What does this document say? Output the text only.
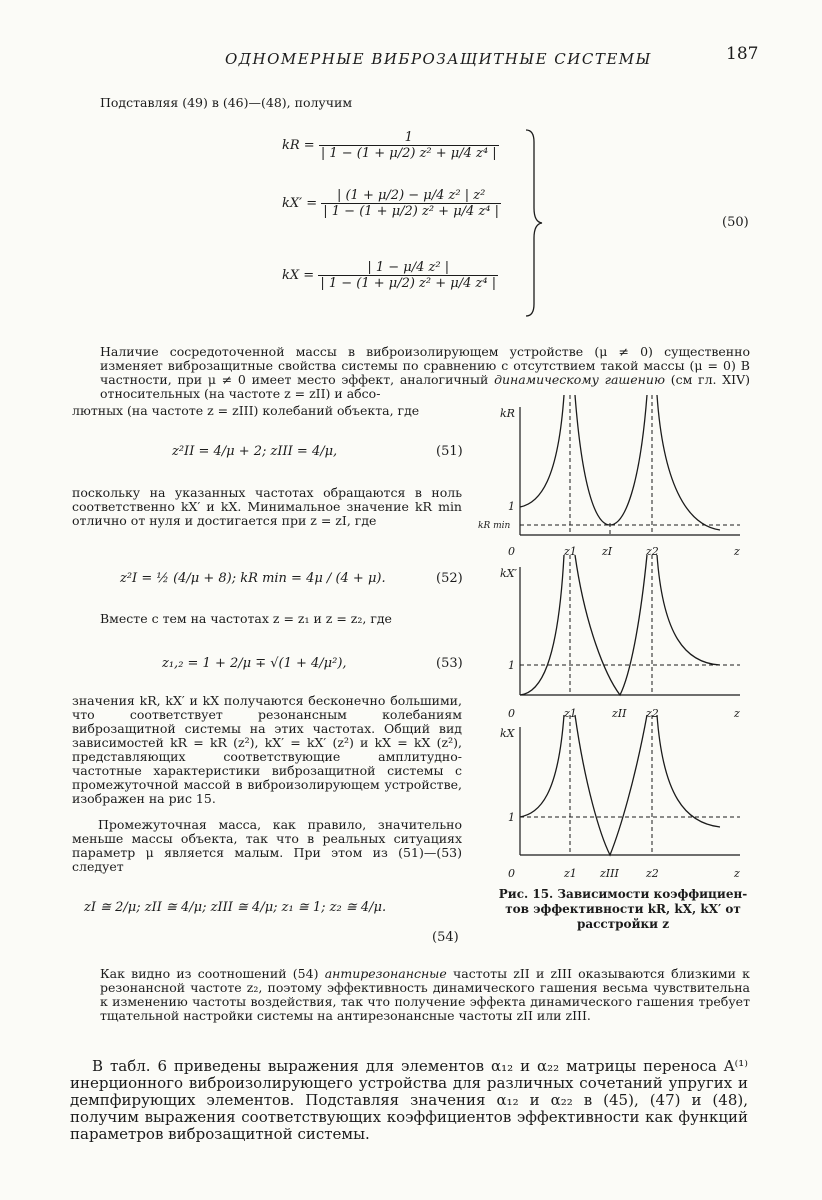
ОДНОМЕРНЫЕ ВИБРОЗАЩИТНЫЕ СИСТЕМЫ	187
Подставляя (49) в (46)—(48), получим
kR = $\frac{1}{\text{| 1 − (1 + μ/2) z² + μ/4 z⁴ |}}$
$kX' = \frac{\text{| (1 + μ/2) − μ/4 z² | z²}}{\text{| 1 − (1 + μ/2) z² + μ/4 z⁴ |}}$
kX = $\frac{\text{| 1 − μ/4 z² |}}{\text{| 1 − (1 + μ/2) z² + μ/4 z⁴ |}}$
(50)
Наличие сосредоточенной массы в виброизолирующем устройстве (μ ≠ 0) существенно изменяет виброзащитные свойства системы по сравнению с отсутствием такой массы (μ = 0) В частности, при μ ≠ 0 имеет место эффект, аналогичный динамическому гашению (см гл. XIV) относительных (на частоте z = zII) и абсо-
лютных (на частоте z = zIII) колебаний объекта, где
z²II = 4/μ + 2; zIII = 4/μ,	(51)
поскольку на указанных частотах обращаются в ноль соответственно kX′ и kX. Минимальное значение kR min отлично от нуля и достигается при z = zI, где
z²I = ½ (4/μ + 8); kR min = 4μ / (4 + μ).	(52)
Вместе с тем на частотах z = z₁ и z = z₂, где
z₁,₂ = 1 + 2/μ ∓ √(1 + 4/μ²),	(53)
значения kR, kX′ и kX получаются бесконечно большими, что соответствует резонансным колебаниям виброзащитной системы на этих частотах. Общий вид зависимостей kR = kR (z²), kX′ = kX′ (z²) и kX = kX (z²), представляющих соответствующие амплитудно-частотные характеристики виброзащитной системы с промежуточной массой в виброизолирующем устройстве, изображен на рис 15.
Промежуточная масса, как правило, значительно меньше массы объекта, так что в реальных ситуациях параметр μ является малым. При этом из (51)—(53) следует
zI ≅ 2/μ; zII ≅ 4/μ; zIII ≅ 4/μ; z₁ ≅ 1; z₂ ≅ 4/μ.
(54)
kR
1
kR min
0	z1 zI	z2	z
kX′
1
0	z1	zII z2	z
kX
1
0	z1 zIII z2	z
Рис. 15. Зависимости коэффициен-
тов эффективности kR, kX, kX′ от
расстройки z
Как видно из соотношений (54) антирезонансные частоты zII и zIII оказываются близкими к резонансной частоте z₂, поэтому эффективность динамического гашения весьма чувствительна к изменению частоты воздействия, так что получение эффекта динамического гашения требует тщательной настройки системы на антирезонансные частоты zII или zIII.
В табл. 6 приведены выражения для элементов α₁₂ и α₂₂ матрицы переноса A⁽¹⁾ инерционного виброизолирующего устройства для различных сочетаний упругих и демпфирующих элементов. Подставляя значения α₁₂ и α₂₂ в (45), (47) и (48), получим выражения соответствующих коэффициентов эффективности как функций параметров виброзащитной системы.
